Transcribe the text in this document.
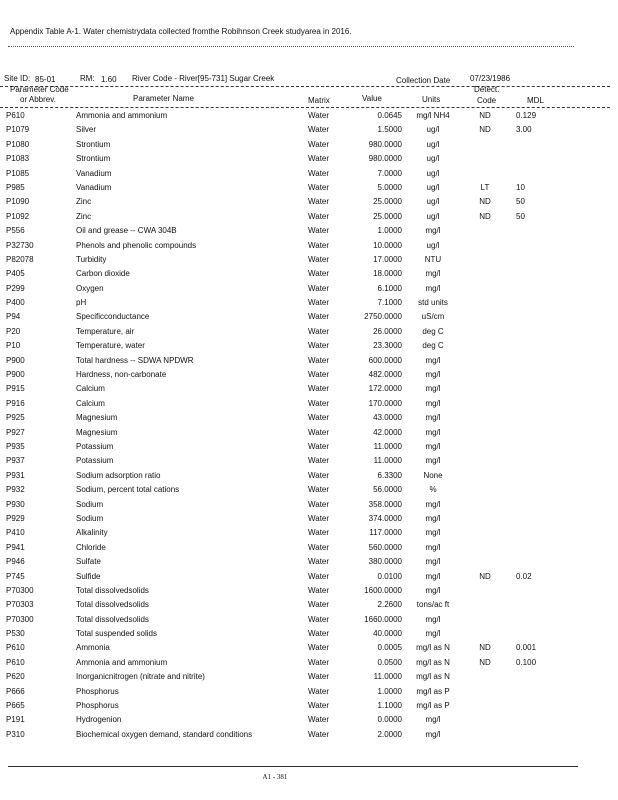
Appendix Table A-1. Water chemistrydata collected fromthe Robihnson Creek studyarea in 2016.
Site ID: 85-01	RM: 1.60 River Code - River[95-731] Sugar Creek	Collection Date 07/23/1986
Parameter Code
or Abbrev.	Parameter Name	Matrix	Value	Units
Detect.
Code	MDL
P610	Ammonia and ammonium	Water	0.0645	mg/l NH4	ND	0.129
P1079	Silver	Water	1.5000	ug/l	ND	3.00
P1080	Strontium	Water	980.0000	ug/l
P1083	Strontium	Water	980.0000	ug/l
P1085	Vanadium	Water	7.0000	ug/l
P985	Vanadium	Water	5.0000	ug/l	LT	10
P1090	Zinc	Water	25.0000	ug/l	ND	50
P1092	Zinc	Water	25.0000	ug/l	ND	50
P556	Oil and grease -- CWA 304B	Water	1.0000	mg/l
P32730	Phenols and phenolic compounds	Water	10.0000	ug/l
P82078	Turbidity	Water	17.0000	NTU
P405	Carbon dioxide	Water	18.0000	mg/l
P299	Oxygen	Water	6.1000	mg/l
P400	pH	Water	7.1000	std units
P94	Specificconductance	Water	2750.0000	uS/cm
P20	Temperature, air	Water	26.0000	deg C
P10	Temperature, water	Water	23.3000	deg C
P900	Total hardness -- SDWA NPDWR	Water	600.0000	mg/l
P900	Hardness, non-carbonate	Water	482.0000	mg/l
P915	Calcium	Water	172.0000	mg/l
P916	Calcium	Water	170.0000	mg/l
P925	Magnesium	Water	43.0000	mg/l
P927	Magnesium	Water	42.0000	mg/l
P935	Potassium	Water	11.0000	mg/l
P937	Potassium	Water	11.0000	mg/l
P931	Sodium adsorption ratio	Water	6.3300	None
P932	Sodium, percent total cations	Water	56.0000	%
P930	Sodium	Water	358.0000	mg/l
P929	Sodium	Water	374.0000	mg/l
P410	Alkalinity	Water	117.0000	mg/l
P941	Chloride	Water	560.0000	mg/l
P946	Sulfate	Water	380.0000	mg/l
P745	Sulfide	Water	0.0100	mg/l	ND	0.02
P70300	Total dissolvedsolids	Water	1600.0000	mg/l
P70303	Total dissolvedsolids	Water	2.2600	tons/ac ft
P70300	Total dissolvedsolids	Water	1660.0000	mg/l
P530	Total suspended solids	Water	40.0000	mg/l
P610	Ammonia	Water	0.0005	mg/l as N	ND	0.001
P610	Ammonia and ammonium	Water	0.0500	mg/l as N	ND	0.100
P620	Inorganicnitrogen (nitrate and nitrite)	Water	11.0000	mg/l as N
P666	Phosphorus	Water	1.0000	mg/l as P
P665	Phosphorus	Water	1.1000	mg/l as P
P191	Hydrogenion	Water	0.0000	mg/l
P310	Biochemical oxygen demand, standard conditions	Water	2.0000	mg/l
A1 - 381
